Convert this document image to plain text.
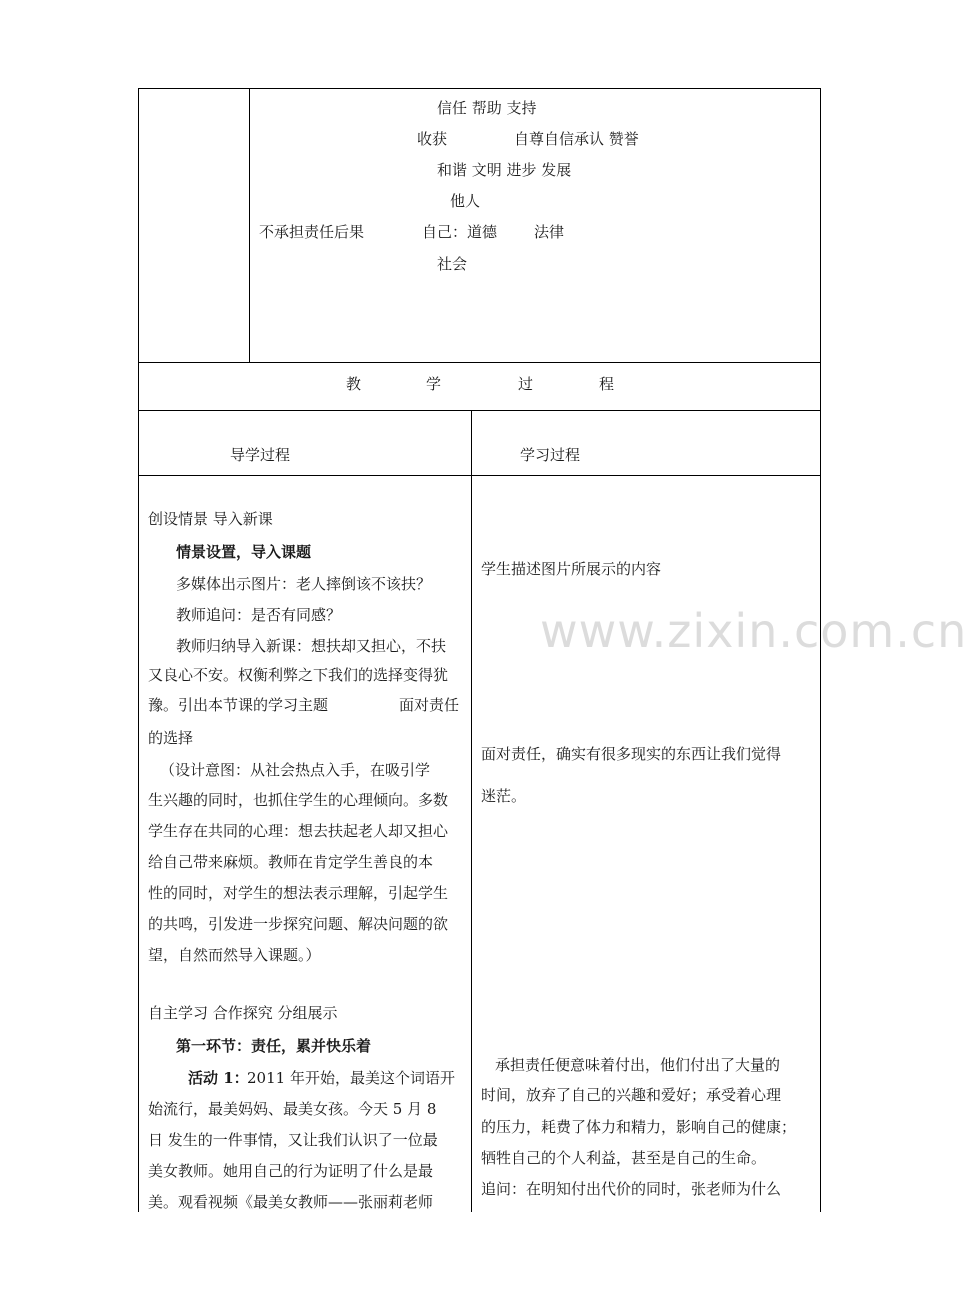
www.zixin.com.cn
信任 帮助 支持
收获	自尊自信承认 赞誉
和谐 文明 进步 发展
他人
不承担责任后果	自己：道德 法律
社会
教	学	过	程
导学过程	学习过程
创设情景 导入新课
情景设置，导入课题
多媒体出示图片：老人摔倒该不该扶？
教师追问：是否有同感？
教师归纳导入新课：想扶却又担心，不扶
又良心不安。权衡利弊之下我们的选择变得犹
豫。引出本节课的学习主题	面对责任
的选择
（设计意图：从社会热点入手，在吸引学
生兴趣的同时，也抓住学生的心理倾向。多数
学生存在共同的心理：想去扶起老人却又担心
给自己带来麻烦。教师在肯定学生善良的本
性的同时，对学生的想法表示理解，引起学生
的共鸣，引发进一步探究问题、解决问题的欲
望，自然而然导入课题。）
自主学习 合作探究 分组展示
第一环节：责任，累并快乐着
活动 1：
2011 年开始，最美这个词语开
始流行，最美妈妈、最美女孩。今天 5 月 8
日 发生的一件事情，又让我们认识了一位最
美女教师。她用自己的行为证明了什么是最
美。观看视频《最美女教师——张丽莉老师
学生描述图片所展示的内容
面对责任，确实有很多现实的东西让我们觉得
迷茫。
承担责任便意味着付出，他们付出了大量的
时间，放弃了自己的兴趣和爱好；承受着心理
的压力，耗费了体力和精力，影响自己的健康；
牺牲自己的个人利益，甚至是自己的生命。
追问：在明知付出代价的同时，张老师为什么
